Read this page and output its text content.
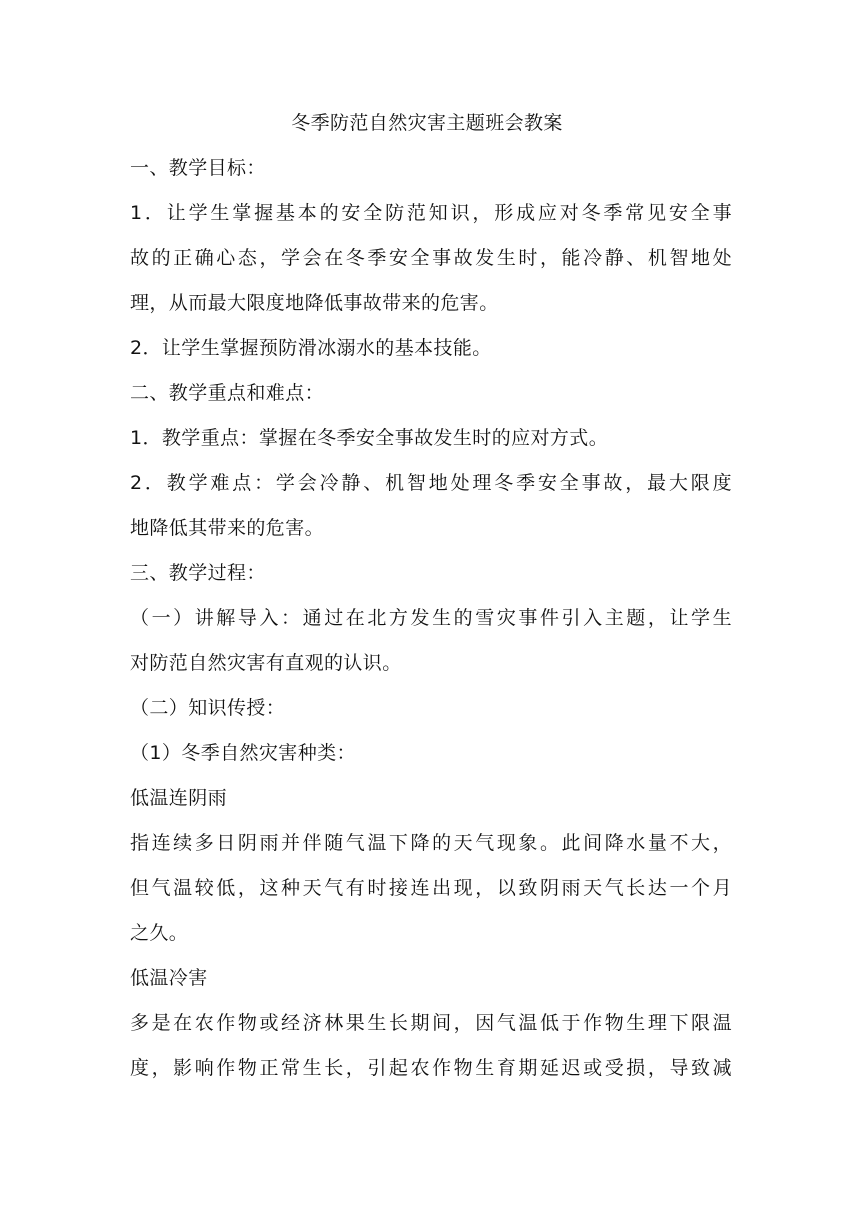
冬季防范自然灾害主题班会教案
一、教学目标：
1．让学生掌握基本的安全防范知识，形成应对冬季常见安全事
故的正确心态，学会在冬季安全事故发生时，能冷静、机智地处
理，从而最大限度地降低事故带来的危害。
2．让学生掌握预防滑冰溺水的基本技能。
二、教学重点和难点：
1．教学重点：掌握在冬季安全事故发生时的应对方式。
2．教学难点：学会冷静、机智地处理冬季安全事故，最大限度
地降低其带来的危害。
三、教学过程：
（一）讲解导入：通过在北方发生的雪灾事件引入主题，让学生
对防范自然灾害有直观的认识。
（二）知识传授：
（1）冬季自然灾害种类：
低温连阴雨
指连续多日阴雨并伴随气温下降的天气现象。此间降水量不大，
但气温较低，这种天气有时接连出现，以致阴雨天气长达一个月
之久。
低温冷害
多是在农作物或经济林果生长期间，因气温低于作物生理下限温
度，影响作物正常生长，引起农作物生育期延迟或受损，导致减
